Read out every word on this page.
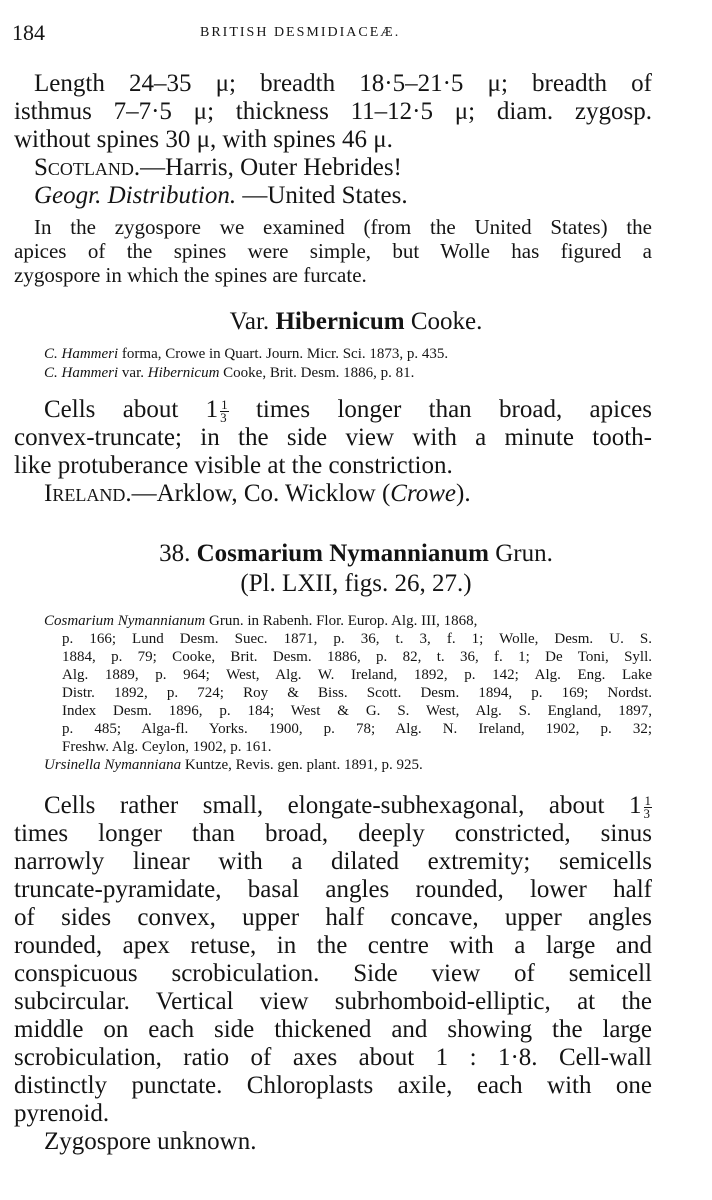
184	BRITISH DESMIDIACEÆ.
Length 24–35 μ; breadth 18·5–21·5 μ; breadth of
isthmus 7–7·5 μ; thickness 11–12·5 μ; diam. zygosp.
without spines 30 μ, with spines 46 μ.
Scotland.—Harris, Outer Hebrides!
Geogr. Distribution. —United States.
In the zygospore we examined (from the United States) the
apices of the spines were simple, but Wolle has figured a
zygospore in which the spines are furcate.
Var. Hibernicum Cooke.
C. Hammeri forma, Crowe in Quart. Journ. Micr. Sci. 1873, p. 435.
C. Hammeri var. Hibernicum Cooke, Brit. Desm. 1886, p. 81.
Cells about $1 \frac{1}{3}$ times longer than broad, apices
convex-truncate; in the side view with a minute tooth-
like protuberance visible at the constriction.
Ireland.—Arklow, Co. Wicklow (Crowe).
38. Cosmarium Nymannianum Grun.
(Pl. LXII, figs. 26, 27.)
Cosmarium Nymannianum Grun. in Rabenh. Flor. Europ. Alg. III, 1868,
p. 166; Lund Desm. Suec. 1871, p. 36, t. 3, f. 1; Wolle, Desm. U. S.
1884, p. 79; Cooke, Brit. Desm. 1886, p. 82, t. 36, f. 1; De Toni, Syll.
Alg. 1889, p. 964; West, Alg. W. Ireland, 1892, p. 142; Alg. Eng. Lake
Distr. 1892, p. 724; Roy & Biss. Scott. Desm. 1894, p. 169; Nordst.
Index Desm. 1896, p. 184; West & G. S. West, Alg. S. England, 1897,
p. 485; Alga-fl. Yorks. 1900, p. 78; Alg. N. Ireland, 1902, p. 32;
Freshw. Alg. Ceylon, 1902, p. 161.
Ursinella Nymanniana Kuntze, Revis. gen. plant. 1891, p. 925.
Cells rather small, elongate-subhexagonal, about $1 \frac{1}{3}$
times longer than broad, deeply constricted, sinus
narrowly linear with a dilated extremity; semicells
truncate-pyramidate, basal angles rounded, lower half
of sides convex, upper half concave, upper angles
rounded, apex retuse, in the centre with a large and
conspicuous scrobiculation. Side view of semicell
subcircular. Vertical view subrhomboid-elliptic, at the
middle on each side thickened and showing the large
scrobiculation, ratio of axes about 1 : 1·8. Cell-wall
distinctly punctate. Chloroplasts axile, each with one
pyrenoid.
Zygospore unknown.
